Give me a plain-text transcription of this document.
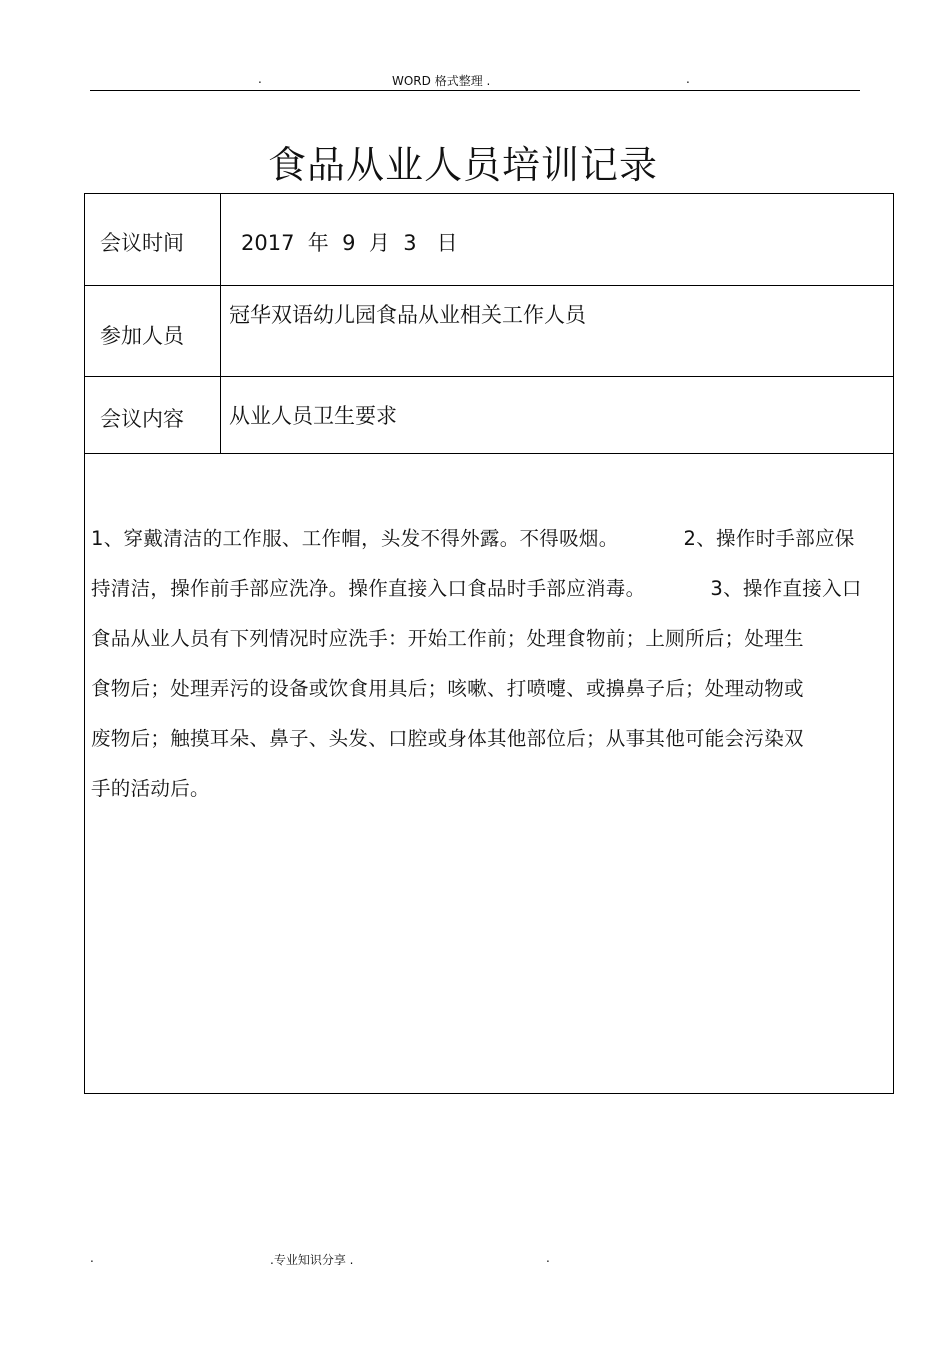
.	WORD 格式整理 .	.
食品从业人员培训记录
会议时间	2017  年  9  月  3   日
参加人员
冠华双语幼儿园食品从业相关工作人员
会议内容 从业人员卫生要求
1、穿戴清洁的工作服、工作帽，头发不得外露。不得吸烟。          2、操作时手部应保
持清洁，操作前手部应洗净。操作直接入口食品时手部应消毒。          3、操作直接入口
食品从业人员有下列情况时应洗手：开始工作前；处理食物前；上厕所后；处理生
食物后；处理弄污的设备或饮食用具后；咳嗽、打喷嚏、或擤鼻子后；处理动物或
废物后；触摸耳朵、鼻子、头发、口腔或身体其他部位后；从事其他可能会污染双
手的活动后。
.	.专业知识分享 .	.
